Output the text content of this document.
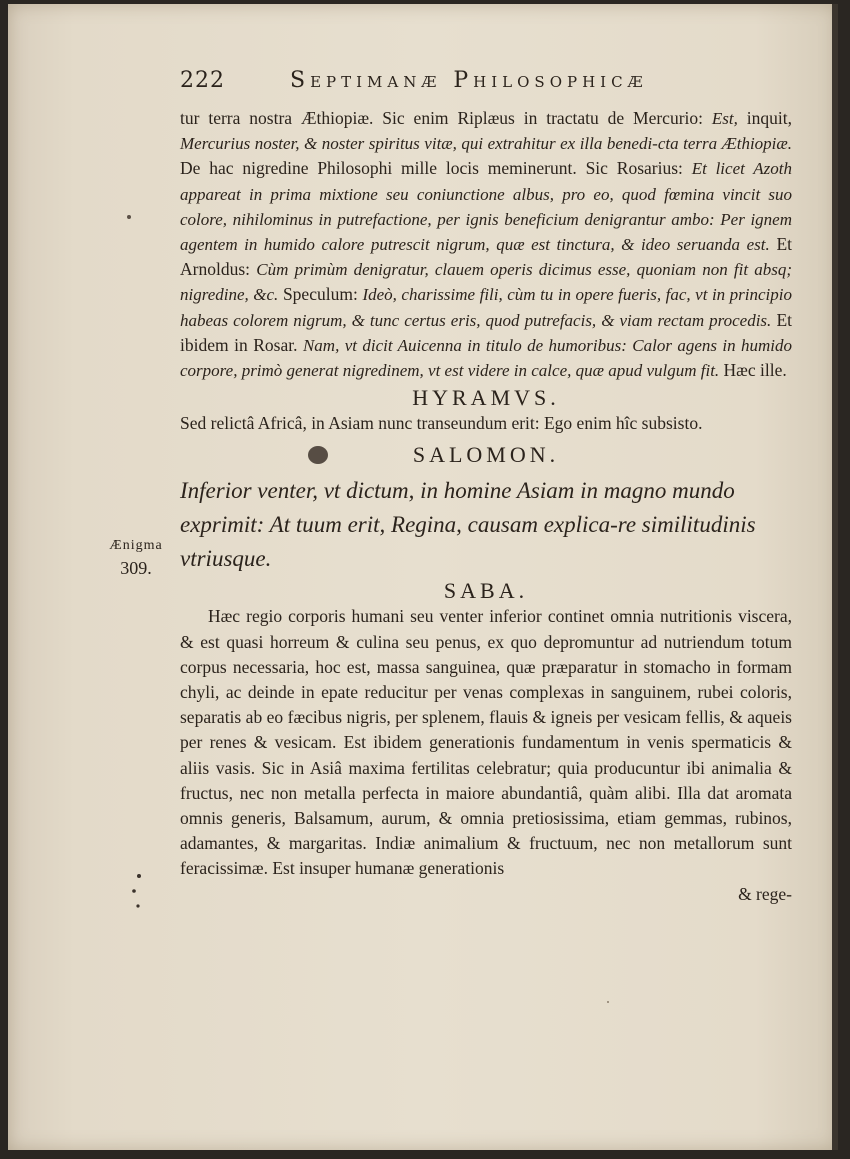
Ænigma
309.
222	Septimanæ Philosophicæ

tur terra nostra Æthiopiæ. Sic enim Riplæus in tractatu de Mercurio: Est, inquit, Mercurius noster, & noster spiritus vitæ, qui extrahitur ex illa benedi-cta terra Æthiopiæ. De hac nigredine Philosophi mille locis meminerunt. Sic Rosarius: Et licet Azoth appareat in prima mixtione seu coniunctione albus, pro eo, quod fœmina vincit suo colore, nihilominus in putrefactione, per ignis beneficium denigrantur ambo: Per ignem agentem in humido calore putrescit nigrum, quæ est tinctura, & ideo seruanda est. Et Arnoldus: Cùm primùm denigratur, clauem operis dicimus esse, quoniam non fit absq; nigredine, &c. Speculum: Ideò, charissime fili, cùm tu in opere fueris, fac, vt in principio habeas colorem nigrum, & tunc certus eris, quod putrefacis, & viam rectam procedis. Et ibidem in Rosar. Nam, vt dicit Auicenna in titulo de humoribus: Calor agens in humido corpore, primò generat nigredinem, vt est videre in calce, quæ apud vulgum fit. Hæc ille.

HYRAMVS.

Sed relictâ Africâ, in Asiam nunc transeundum erit: Ego enim hîc subsisto.

SALOMON.

Inferior venter, vt dictum, in homine Asiam in magno mundo exprimit: At tuum erit, Regina, causam explica-re similitudinis vtriusque.

SABA.

Hæc regio corporis humani seu venter inferior continet omnia nutritionis viscera, & est quasi horreum & culina seu penus, ex quo depromuntur ad nutriendum totum corpus necessaria, hoc est, massa sanguinea, quæ præparatur in stomacho in formam chyli, ac deinde in epate reducitur per venas complexas in sanguinem, rubei coloris, separatis ab eo fæcibus nigris, per splenem, flauis & igneis per vesicam fellis, & aqueis per renes & vesicam. Est ibidem generationis fundamentum in venis spermaticis & aliis vasis. Sic in Asiâ maxima fertilitas celebratur; quia producuntur ibi animalia & fructus, nec non metalla perfecta in maiore abundantiâ, quàm alibi. Illa dat aromata omnis generis, Balsamum, aurum, & omnia pretiosissima, etiam gemmas, rubinos, adamantes, & margaritas. Indiæ animalium & fructuum, nec non metallorum sunt feracissimæ. Est insuper humanæ generationis

& rege-
